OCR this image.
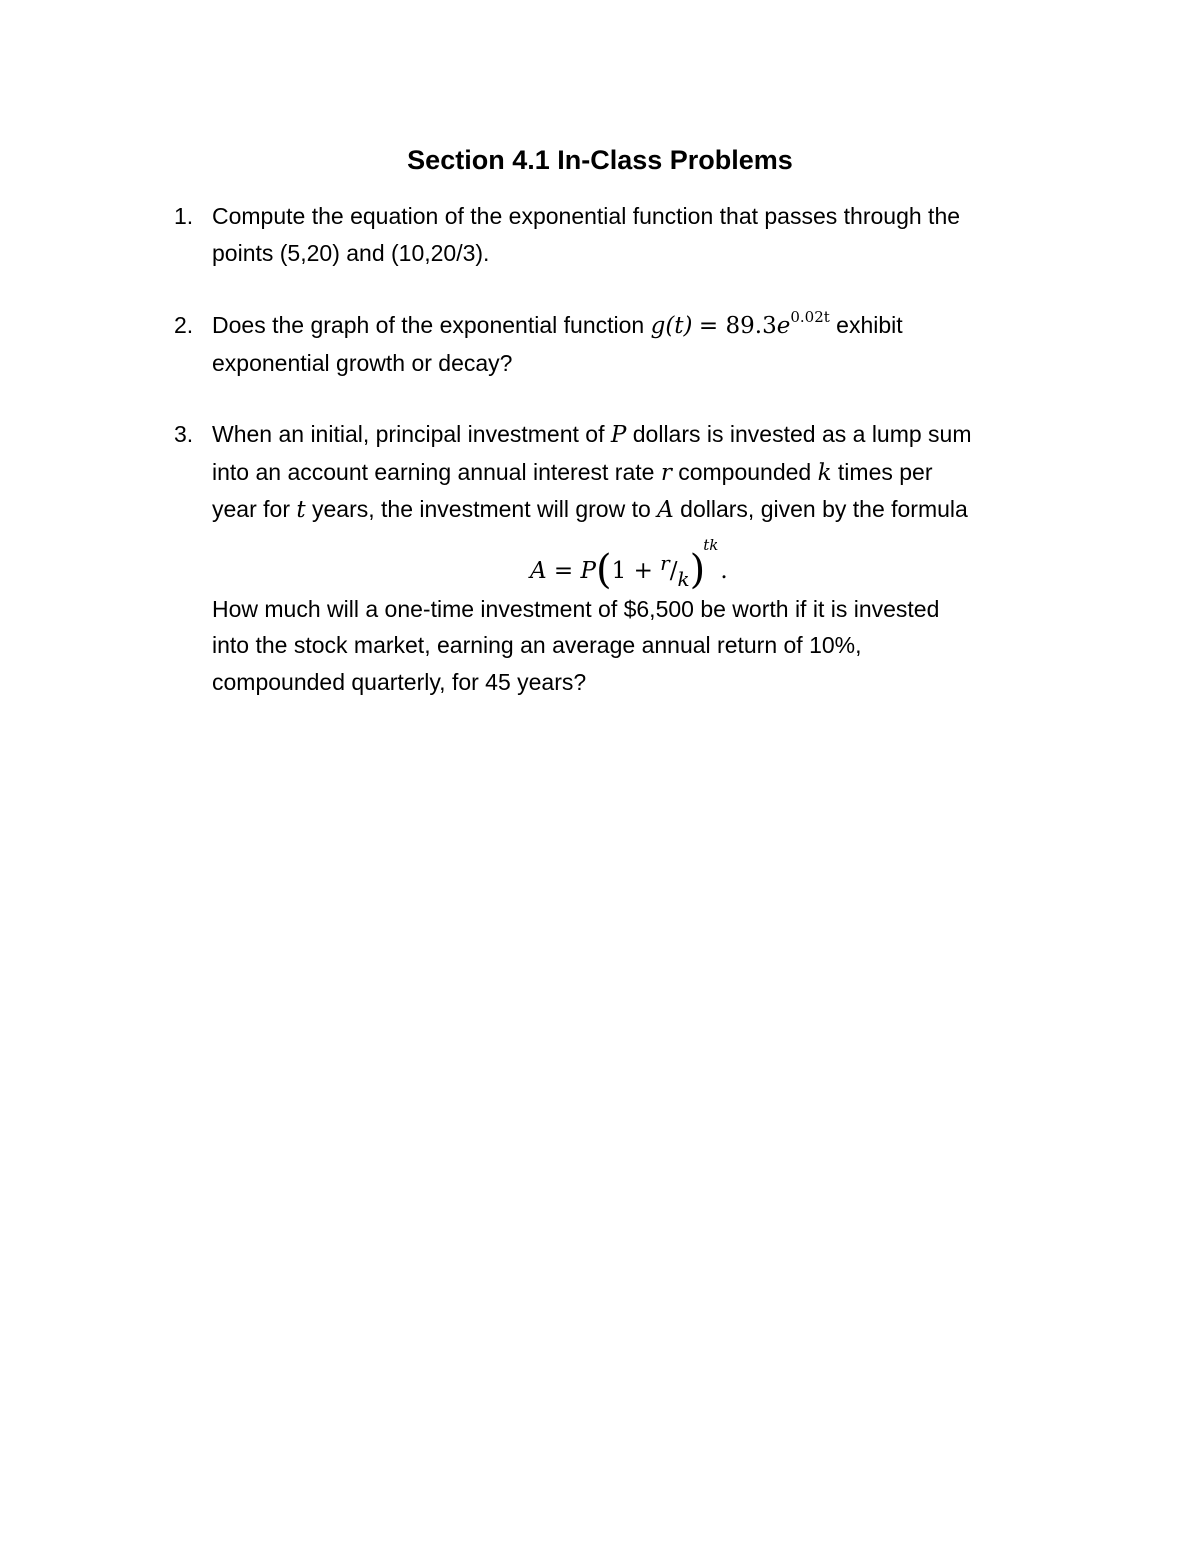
Section 4.1 In-Class Problems
1. Compute the equation of the exponential function that passes through the
points (5,20) and (10,20/3).
2. Does the graph of the exponential function $g(t) = 89.3e^{0.02t}$ exhibit
exponential growth or decay?
3. When an initial, principal investment of P dollars is invested as a lump sum
into an account earning annual interest rate r compounded k times per
year for t years, the investment will grow to A dollars, given by the formula
$A = P(1 + r/k)^{tk}$.
How much will a one-time investment of $6,500 be worth if it is invested
into the stock market, earning an average annual return of 10%,
compounded quarterly, for 45 years?
